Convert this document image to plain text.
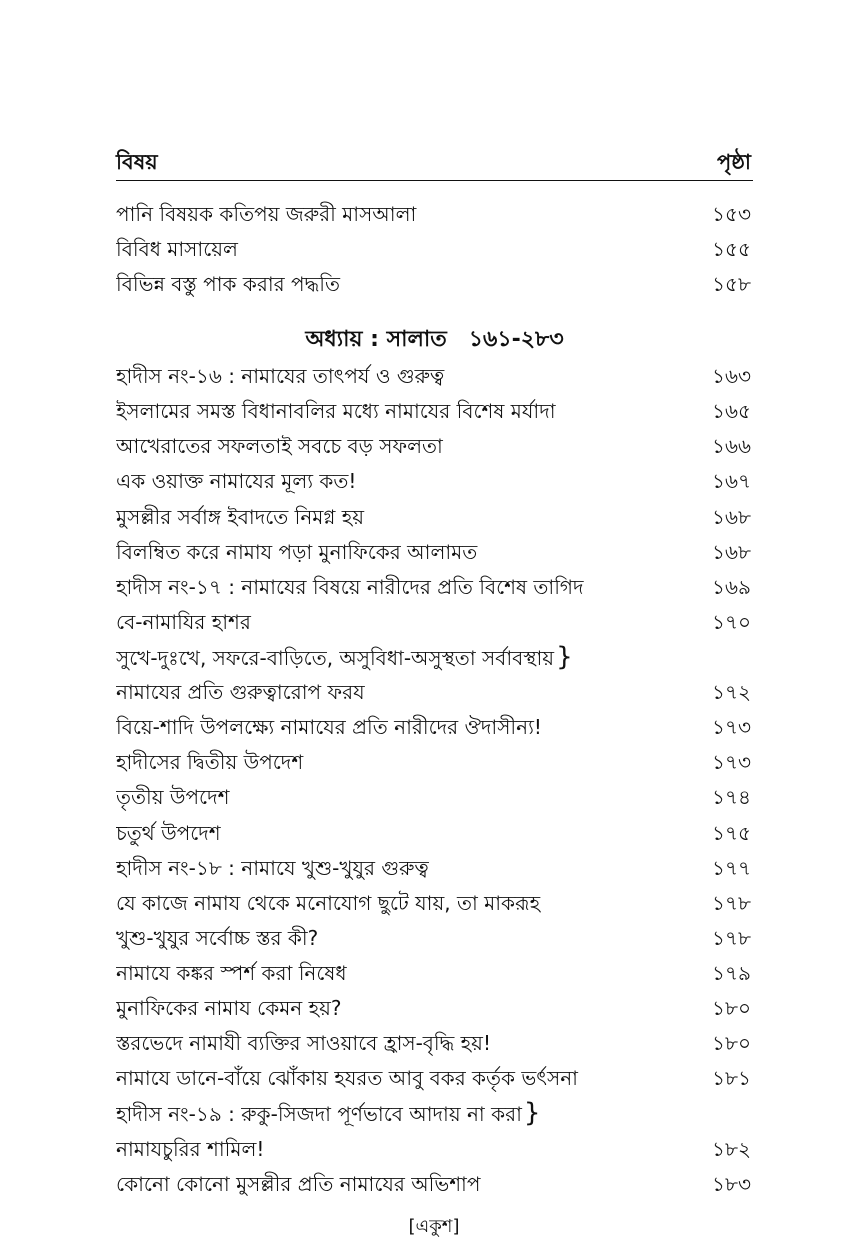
বিষয়	পৃষ্ঠা
পানি বিষয়ক কতিপয় জরুরী মাসআলা	১৫৩
বিবিধ মাসায়েল	১৫৫
বিভিন্ন বস্তু পাক করার পদ্ধতি	১৫৮
অধ্যায় : সালাত ১৬১-২৮৩
হাদীস নং-১৬ : নামাযের তাৎপর্য ও গুরুত্ব	১৬৩
ইসলামের সমস্ত বিধানাবলির মধ্যে নামাযের বিশেষ মর্যাদা	১৬৫
আখেরাতের সফলতাই সবচে বড় সফলতা	১৬৬
এক ওয়াক্ত নামাযের মূল্য কত!	১৬৭
মুসল্লীর সর্বাঙ্গ ইবাদতে নিমগ্ন হয়	১৬৮
বিলম্বিত করে নামায পড়া মুনাফিকের আলামত	১৬৮
হাদীস নং-১৭ : নামাযের বিষয়ে নারীদের প্রতি বিশেষ তাগিদ	১৬৯
বে-নামাযির হাশর	১৭০
সুখে-দুঃখে, সফরে-বাড়িতে, অসুবিধা-অসুস্থতা সর্বাবস্থায়}
নামাযের প্রতি গুরুত্বারোপ ফরয	১৭২
বিয়ে-শাদি উপলক্ষ্যে নামাযের প্রতি নারীদের ঔদাসীন্য!	১৭৩
হাদীসের দ্বিতীয় উপদেশ	১৭৩
তৃতীয় উপদেশ	১৭৪
চতুর্থ উপদেশ	১৭৫
হাদীস নং-১৮ : নামাযে খুশু-খুযুর গুরুত্ব	১৭৭
যে কাজে নামায থেকে মনোযোগ ছুটে যায়, তা মাকরূহ	১৭৮
খুশু-খুযুর সর্বোচ্চ স্তর কী?	১৭৮
নামাযে কঙ্কর স্পর্শ করা নিষেধ	১৭৯
মুনাফিকের নামায কেমন হয়?	১৮০
স্তরভেদে নামাযী ব্যক্তির সাওয়াবে হ্রাস-বৃদ্ধি হয়!	১৮০
নামাযে ডানে-বাঁয়ে ঝোঁকায় হযরত আবু বকর কর্তৃক ভর্ৎসনা	১৮১
হাদীস নং-১৯ : রুকু-সিজদা পূর্ণভাবে আদায় না করা}
নামাযচুরির শামিল!	১৮২
কোনো কোনো মুসল্লীর প্রতি নামাযের অভিশাপ	১৮৩
[একুশ]
